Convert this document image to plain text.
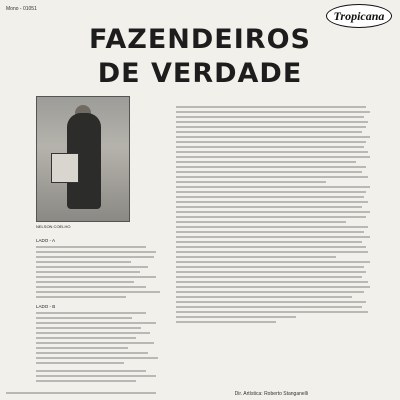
Mono - 01051	Tropicana
FAZENDEIROS
DE VERDADE
NELSON COELHO
LADO - A
LADO - B
Dir. Artística: Roberto Stanganelli
